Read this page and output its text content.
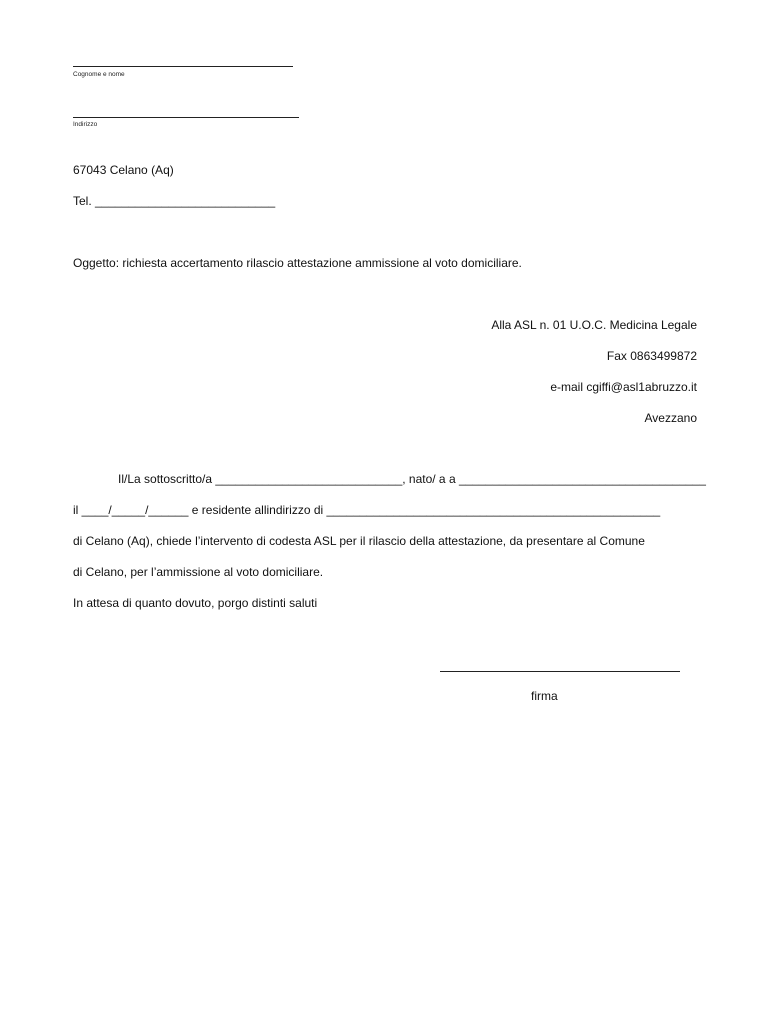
Cognome e nome
Indirizzo
67043 Celano (Aq)
Tel. ___________________________
Oggetto: richiesta accertamento rilascio attestazione ammissione al voto domiciliare.
Alla ASL n. 01 U.O.C. Medicina Legale
Fax 0863499872
e-mail cgiffi@asl1abruzzo.it
Avezzano
Il/La sottoscritto/a ____________________________, nato/ a a _____________________________________
il ____/_____/______ e residente allindirizzo di __________________________________________________
di Celano (Aq), chiede l’intervento di codesta ASL per il rilascio della attestazione, da presentare al Comune
di Celano, per l’ammissione al voto domiciliare.
In attesa di quanto dovuto, porgo distinti saluti
firma
